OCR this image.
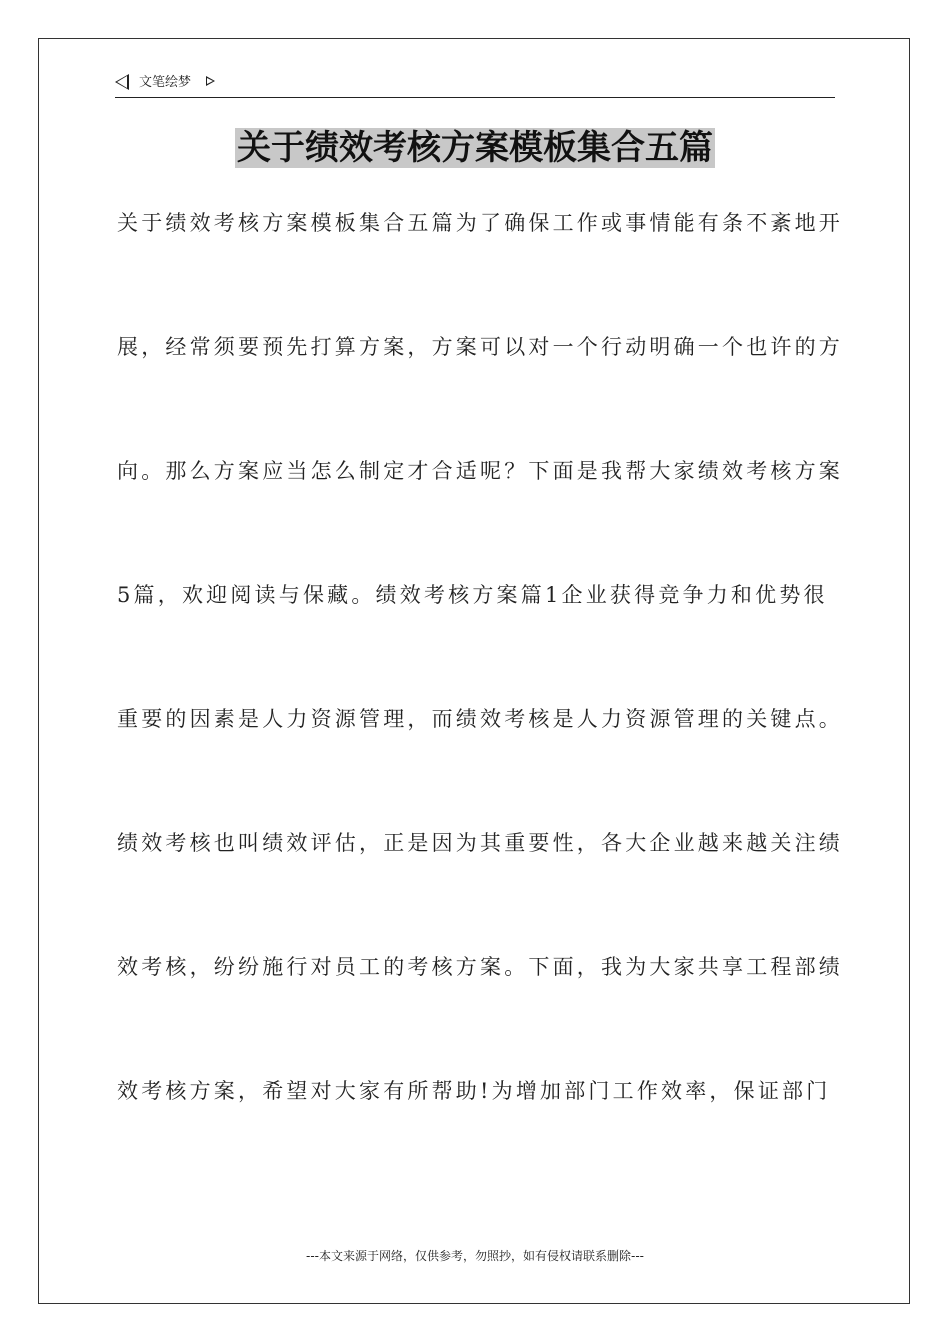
文笔绘梦
关于绩效考核方案模板集合五篇
关于绩效考核方案模板集合五篇为了确保工作或事情能有条不紊地开
展，经常须要预先打算方案，方案可以对一个行动明确一个也许的方
向。那么方案应当怎么制定才合适呢？下面是我帮大家绩效考核方案
5篇，欢迎阅读与保藏。绩效考核方案篇1企业获得竞争力和优势很
重要的因素是人力资源管理，而绩效考核是人力资源管理的关键点。
绩效考核也叫绩效评估，正是因为其重要性，各大企业越来越关注绩
效考核，纷纷施行对员工的考核方案。下面，我为大家共享工程部绩
效考核方案，希望对大家有所帮助!为增加部门工作效率，保证部门
---本文来源于网络，仅供参考，勿照抄，如有侵权请联系删除---
